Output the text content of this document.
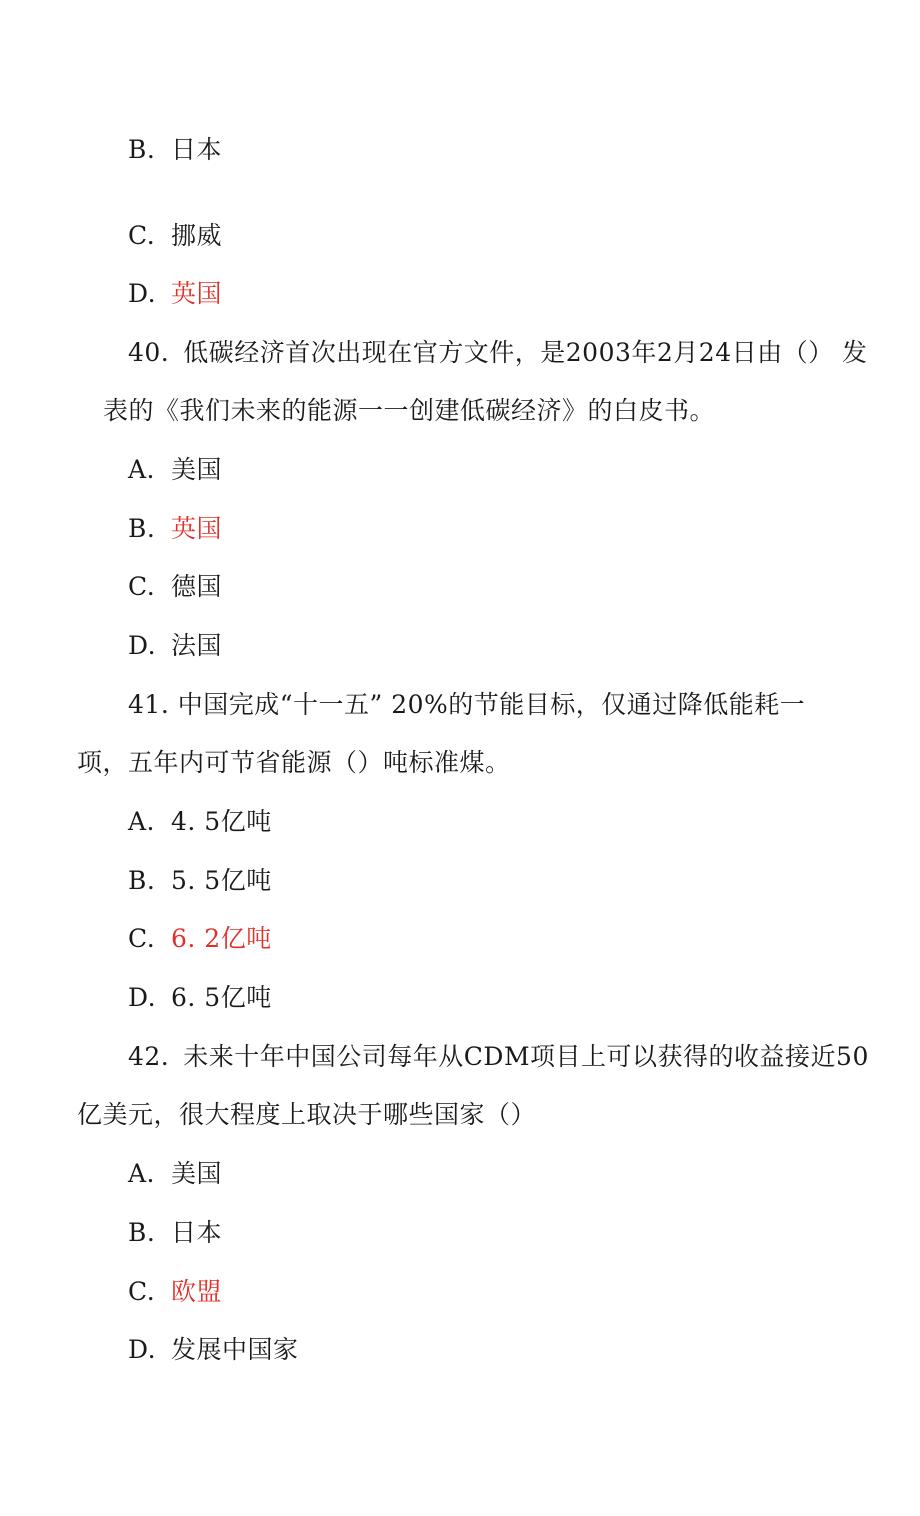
B. 日本
C. 挪威
D. 英国
40. 低碳经济首次出现在官方文件，是2003年2月24日由（） 发
表的《我们未来的能源一一创建低碳经济》的白皮书。
A. 美国
B. 英国
C. 德国
D. 法国
41. 中国完成“十一五” 20%的节能目标，仅通过降低能耗一
项，五年内可节省能源（）吨标准煤。
A. 4. 5亿吨
B. 5. 5亿吨
C. 6. 2亿吨
D. 6. 5亿吨
42. 未来十年中国公司每年从CDM项目上可以获得的收益接近50
亿美元，很大程度上取决于哪些国家（）
A. 美国
B. 日本
C. 欧盟
D. 发展中国家
